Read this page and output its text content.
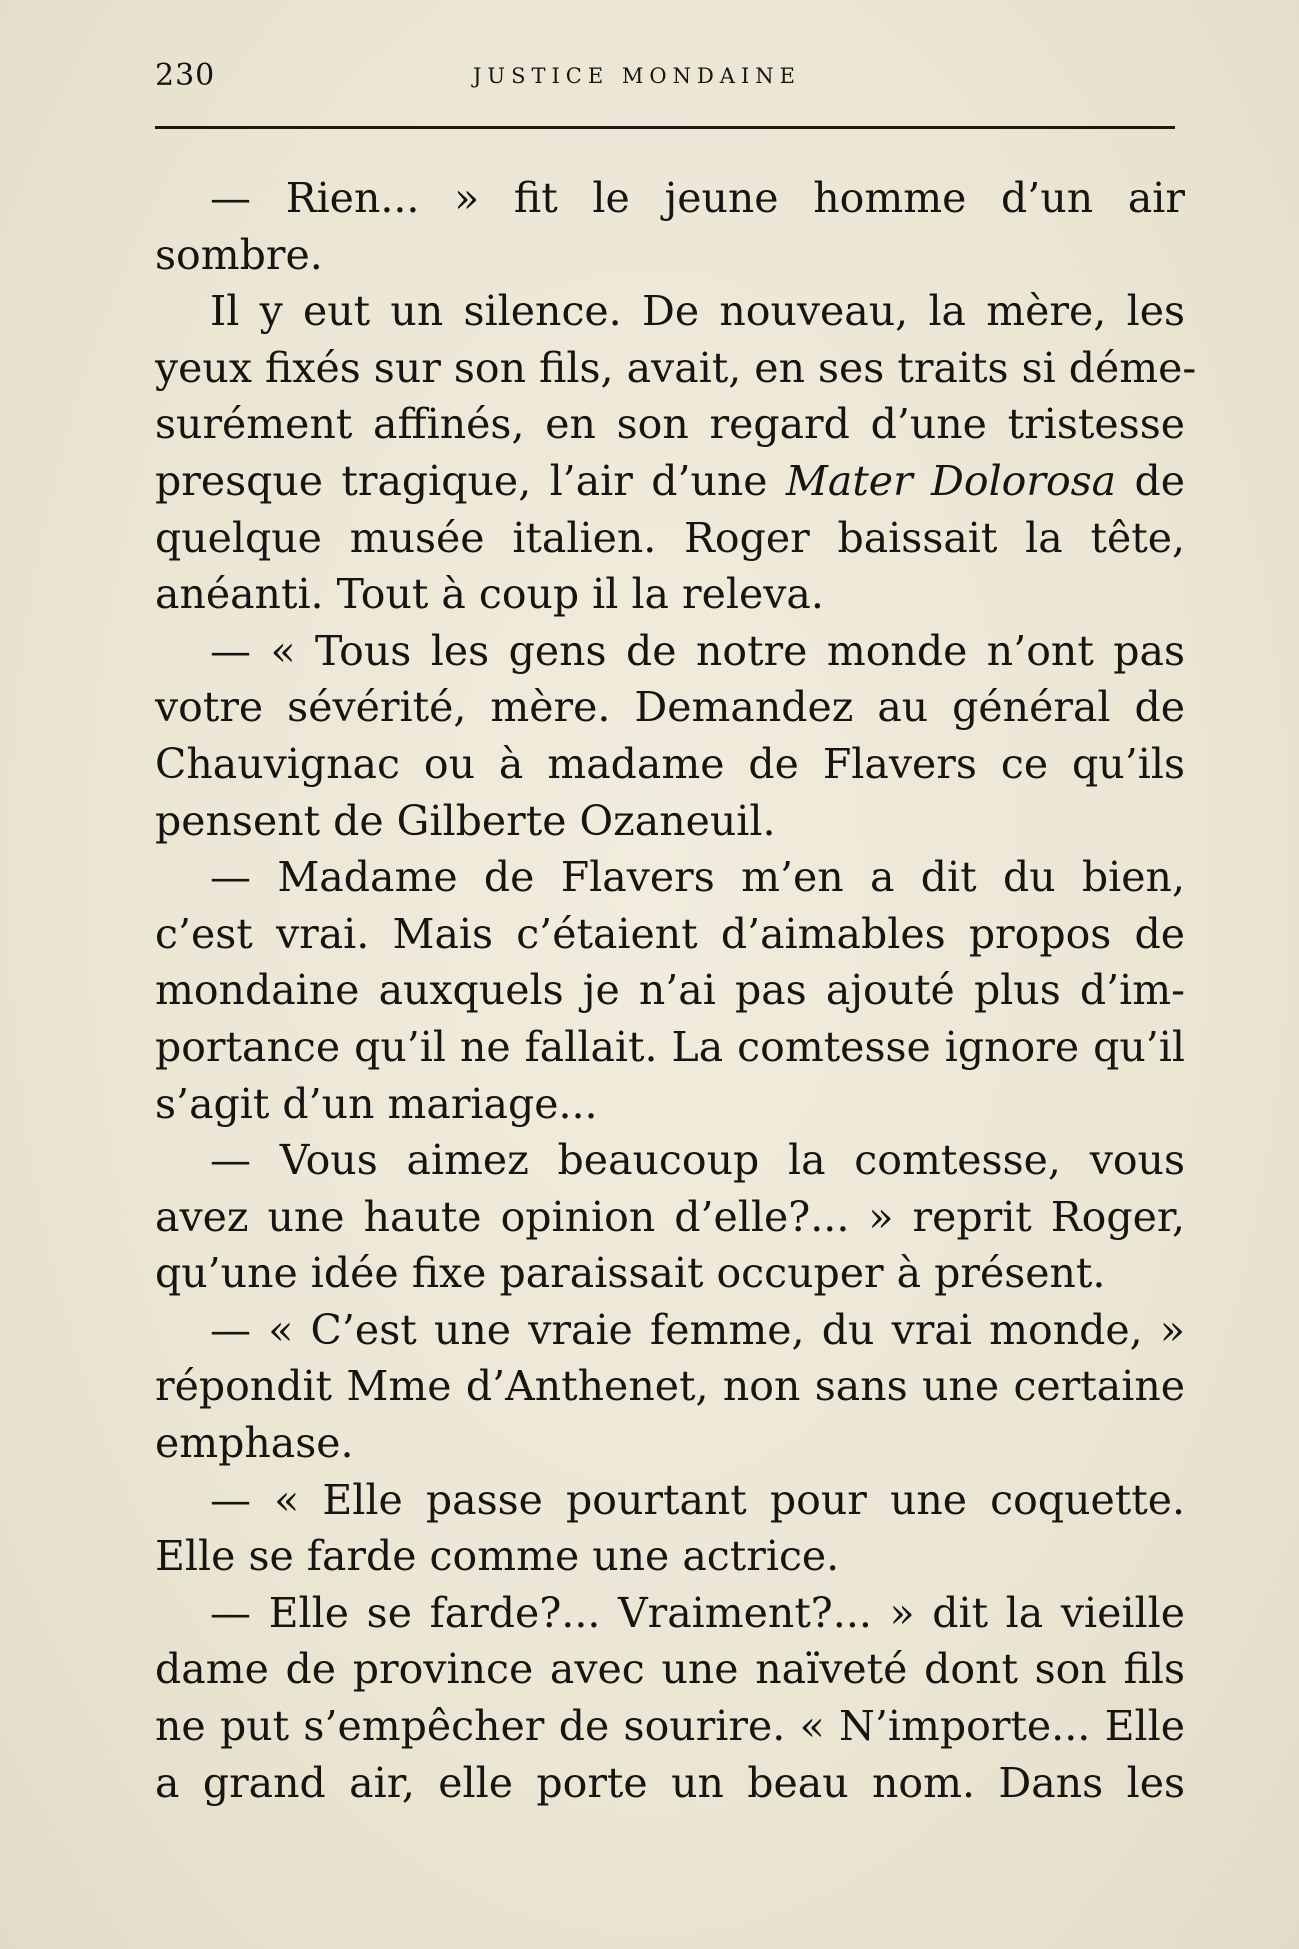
230	JUSTICE MONDAINE
— Rien... » fit le jeune homme d’un air
sombre.
Il y eut un silence. De nouveau, la mère, les
yeux fixés sur son fils, avait, en ses traits si déme-
surément affinés, en son regard d’une tristesse
presque tragique, l’air d’une Mater Dolorosa de
quelque musée italien. Roger baissait la tête,
anéanti. Tout à coup il la releva.
— « Tous les gens de notre monde n’ont pas
votre sévérité, mère. Demandez au général de
Chauvignac ou à madame de Flavers ce qu’ils
pensent de Gilberte Ozaneuil.
— Madame de Flavers m’en a dit du bien,
c’est vrai. Mais c’étaient d’aimables propos de
mondaine auxquels je n’ai pas ajouté plus d’im-
portance qu’il ne fallait. La comtesse ignore qu’il
s’agit d’un mariage...
— Vous aimez beaucoup la comtesse, vous
avez une haute opinion d’elle?... » reprit Roger,
qu’une idée fixe paraissait occuper à présent.
— « C’est une vraie femme, du vrai monde, »
répondit Mme d’Anthenet, non sans une certaine
emphase.
— « Elle passe pourtant pour une coquette.
Elle se farde comme une actrice.
— Elle se farde?... Vraiment?... » dit la vieille
dame de province avec une naïveté dont son fils
ne put s’empêcher de sourire. « N’importe... Elle
a grand air, elle porte un beau nom. Dans les
